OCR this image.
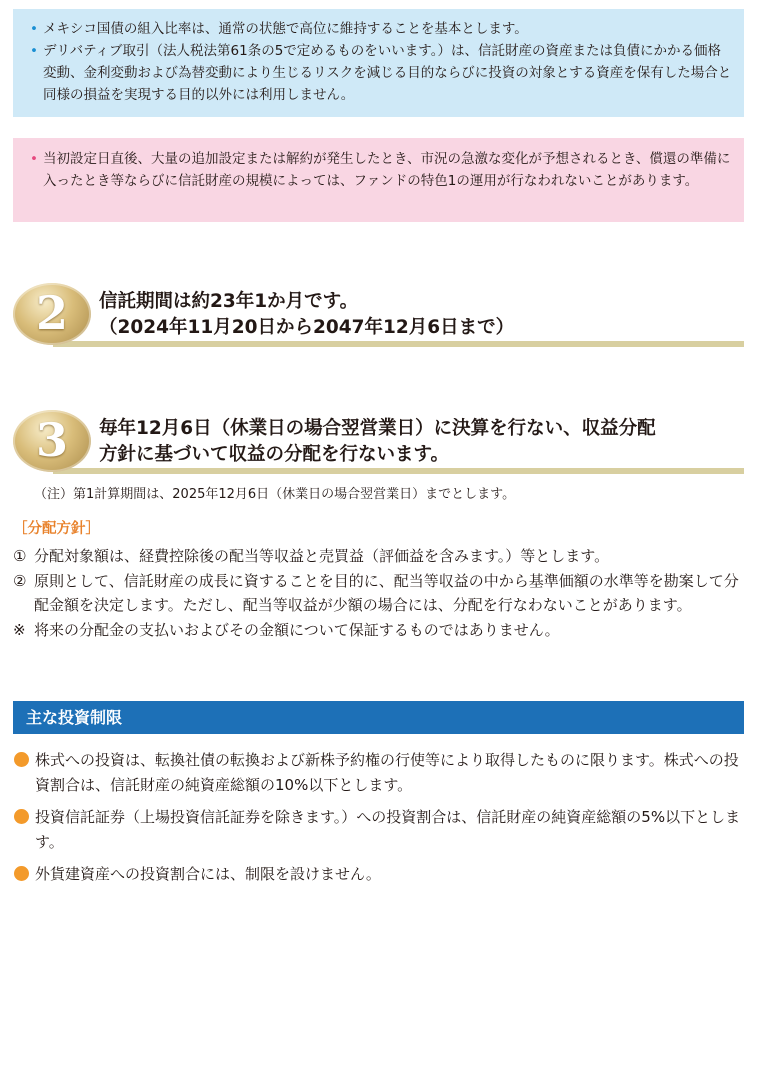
• メキシコ国債の組入比率は、通常の状態で高位に維持することを基本とします。
• デリバティブ取引（法人税法第61条の5で定めるものをいいます。）は、信託財産の資産または負債にかかる価格変動、金利変動および為替変動により生じるリスクを減じる目的ならびに投資の対象とする資産を保有した場合と同様の損益を実現する目的以外には利用しません。
• 当初設定日直後、大量の追加設定または解約が発生したとき、市況の急激な変化が予想されるとき、償還の準備に入ったとき等ならびに信託財産の規模によっては、ファンドの特色1の運用が行なわれないことがあります。
2	信託期間は約23年1か月です。
（2024年11月20日から2047年12月6日まで）
3	毎年12月6日（休業日の場合翌営業日）に決算を行ない、収益分配
方針に基づいて収益の分配を行ないます。
（注）第1計算期間は、2025年12月6日（休業日の場合翌営業日）までとします。
［分配方針］
① 分配対象額は、経費控除後の配当等収益と売買益（評価益を含みます。）等とします。
② 原則として、信託財産の成長に資することを目的に、配当等収益の中から基準価額の水準等を勘案して分配金額を決定します。ただし、配当等収益が少額の場合には、分配を行なわないことがあります。
※ 将来の分配金の支払いおよびその金額について保証するものではありません。
主な投資制限
株式への投資は、転換社債の転換および新株予約権の行使等により取得したものに限ります。株式への投資割合は、信託財産の純資産総額の10%以下とします。
投資信託証券（上場投資信託証券を除きます。）への投資割合は、信託財産の純資産総額の5%以下とします。
外貨建資産への投資割合には、制限を設けません。
